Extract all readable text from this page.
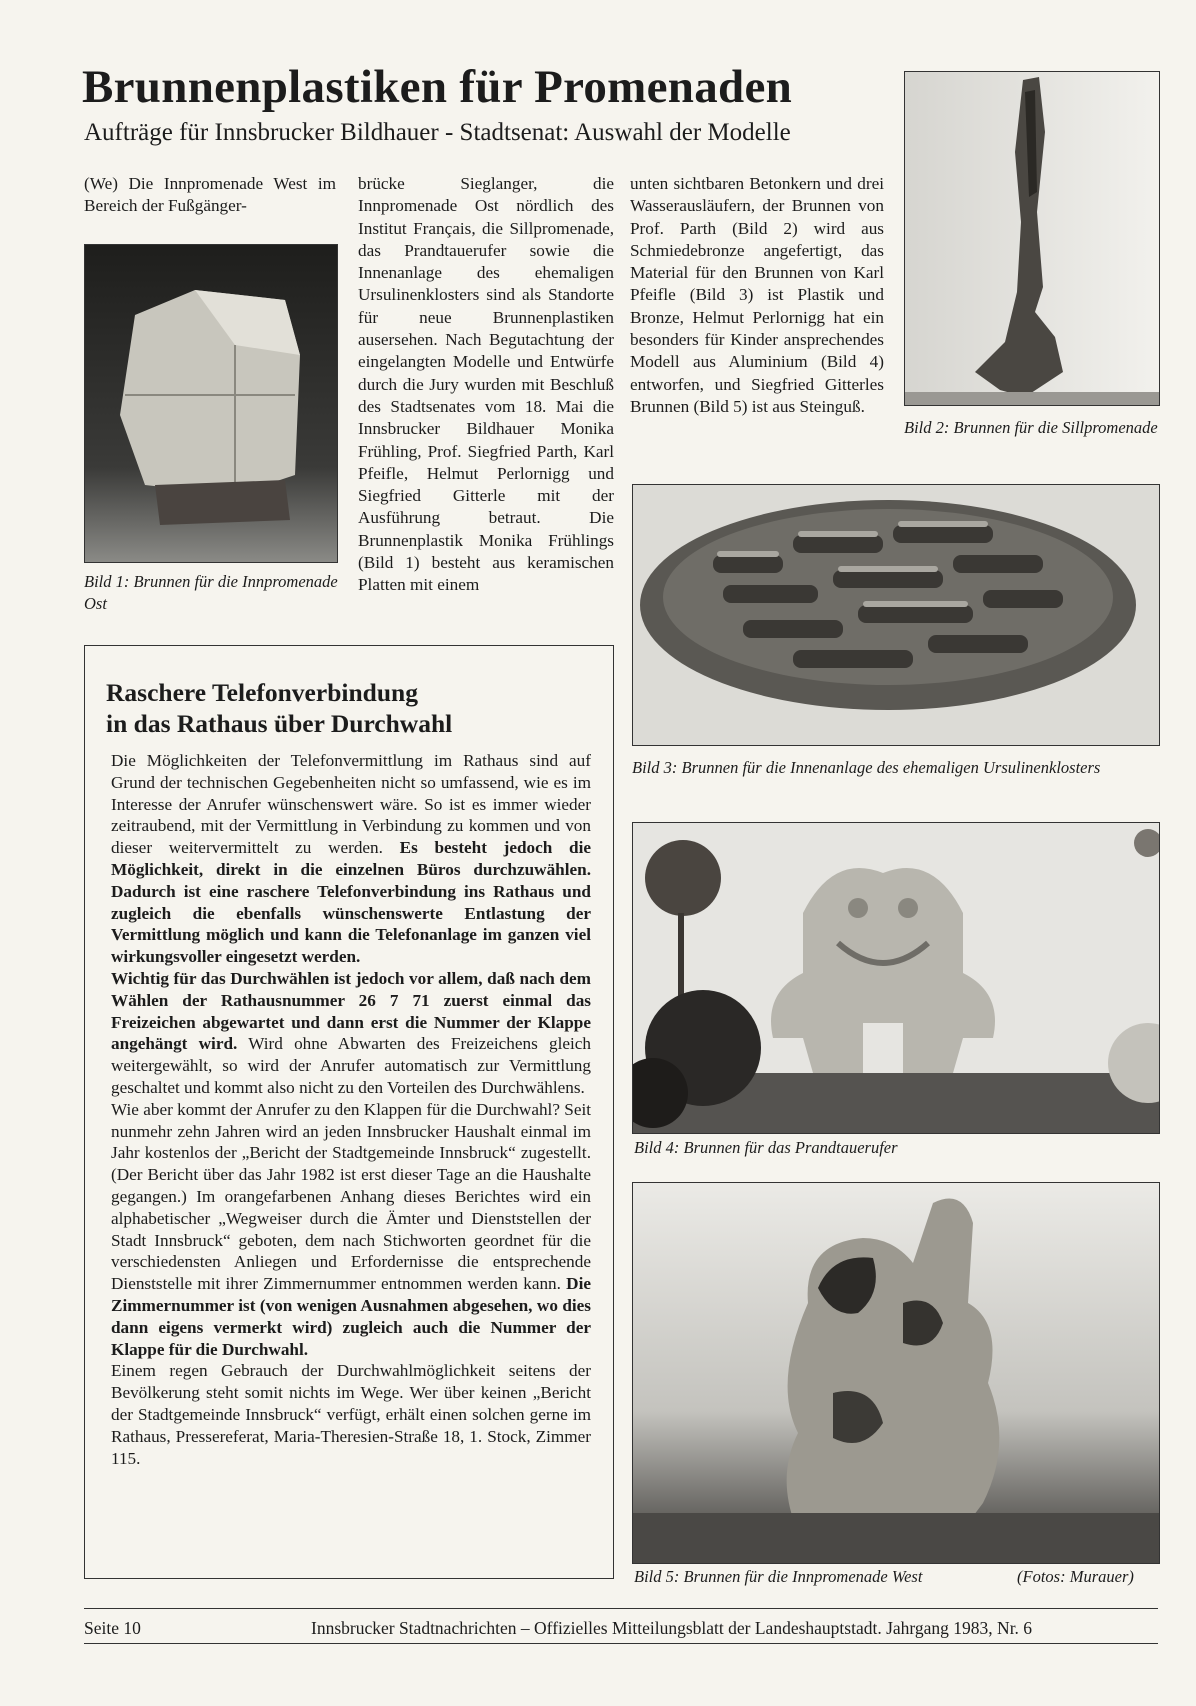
Brunnenplastiken für Promenaden
Aufträge für Innsbrucker Bildhauer - Stadtsenat: Auswahl der Modelle

(We) Die Innpromenade West im Bereich der Fußgänger-

Bild 1: Brunnen für die Innpromenade Ost

brücke Sieglanger, die Innpromenade Ost nördlich des Institut Français, die Sillpromenade, das Prandtauerufer sowie die Innenanlage des ehemaligen Ursulinenklosters sind als Standorte für neue Brunnenplastiken ausersehen. Nach Begutachtung der eingelangten Modelle und Entwürfe durch die Jury wurden mit Beschluß des Stadtsenates vom 18. Mai die Innsbrucker Bildhauer Monika Frühling, Prof. Siegfried Parth, Karl Pfeifle, Helmut Perlornigg und Siegfried Gitterle mit der Ausführung betraut. Die Brunnenplastik Monika Frühlings (Bild 1) besteht aus keramischen Platten mit einem

unten sichtbaren Betonkern und drei Wasserausläufern, der Brunnen von Prof. Parth (Bild 2) wird aus Schmiedebronze angefertigt, das Material für den Brunnen von Karl Pfeifle (Bild 3) ist Plastik und Bronze, Helmut Perlornigg hat ein besonders für Kinder ansprechendes Modell aus Aluminium (Bild 4) entworfen, und Siegfried Gitterles Brunnen (Bild 5) ist aus Steinguß.

Bild 2: Brunnen für die Sillpromenade
Bild 3: Brunnen für die Innenanlage des ehemaligen Ursulinenklosters
Bild 4: Brunnen für das Prandtauerufer
Bild 5: Brunnen für die Innpromenade West	(Fotos: Murauer)
Raschere Telefonverbindung
in das Rathaus über Durchwahl

Die Möglichkeiten der Telefonvermittlung im Rathaus sind auf Grund der technischen Gegebenheiten nicht so umfassend, wie es im Interesse der Anrufer wünschenswert wäre. So ist es immer wieder zeitraubend, mit der Vermittlung in Verbindung zu kommen und von dieser weitervermittelt zu werden. Es besteht jedoch die Möglichkeit, direkt in die einzelnen Büros durchzuwählen. Dadurch ist eine raschere Telefonverbindung ins Rathaus und zugleich die ebenfalls wünschenswerte Entlastung der Vermittlung möglich und kann die Telefonanlage im ganzen viel wirkungsvoller eingesetzt werden.

Wichtig für das Durchwählen ist jedoch vor allem, daß nach dem Wählen der Rathausnummer 26 7 71 zuerst einmal das Freizeichen abgewartet und dann erst die Nummer der Klappe angehängt wird. Wird ohne Abwarten des Freizeichens gleich weitergewählt, so wird der Anrufer automatisch zur Vermittlung geschaltet und kommt also nicht zu den Vorteilen des Durchwählens.

Wie aber kommt der Anrufer zu den Klappen für die Durchwahl? Seit nunmehr zehn Jahren wird an jeden Innsbrucker Haushalt einmal im Jahr kostenlos der „Bericht der Stadtgemeinde Innsbruck“ zugestellt. (Der Bericht über das Jahr 1982 ist erst dieser Tage an die Haushalte gegangen.) Im orangefarbenen Anhang dieses Berichtes wird ein alphabetischer „Wegweiser durch die Ämter und Dienststellen der Stadt Innsbruck“ geboten, dem nach Stichworten geordnet für die verschiedensten Anliegen und Erfordernisse die entsprechende Dienststelle mit ihrer Zimmernummer entnommen werden kann. Die Zimmernummer ist (von wenigen Ausnahmen abgesehen, wo dies dann eigens vermerkt wird) zugleich auch die Nummer der Klappe für die Durchwahl.

Einem regen Gebrauch der Durchwahlmöglichkeit seitens der Bevölkerung steht somit nichts im Wege. Wer über keinen „Bericht der Stadtgemeinde Innsbruck“ verfügt, erhält einen solchen gerne im Rathaus, Pressereferat, Maria-Theresien-Straße 18, 1. Stock, Zimmer 115.

Seite 10	Innsbrucker Stadtnachrichten – Offizielles Mitteilungsblatt der Landeshauptstadt. Jahrgang 1983, Nr. 6
